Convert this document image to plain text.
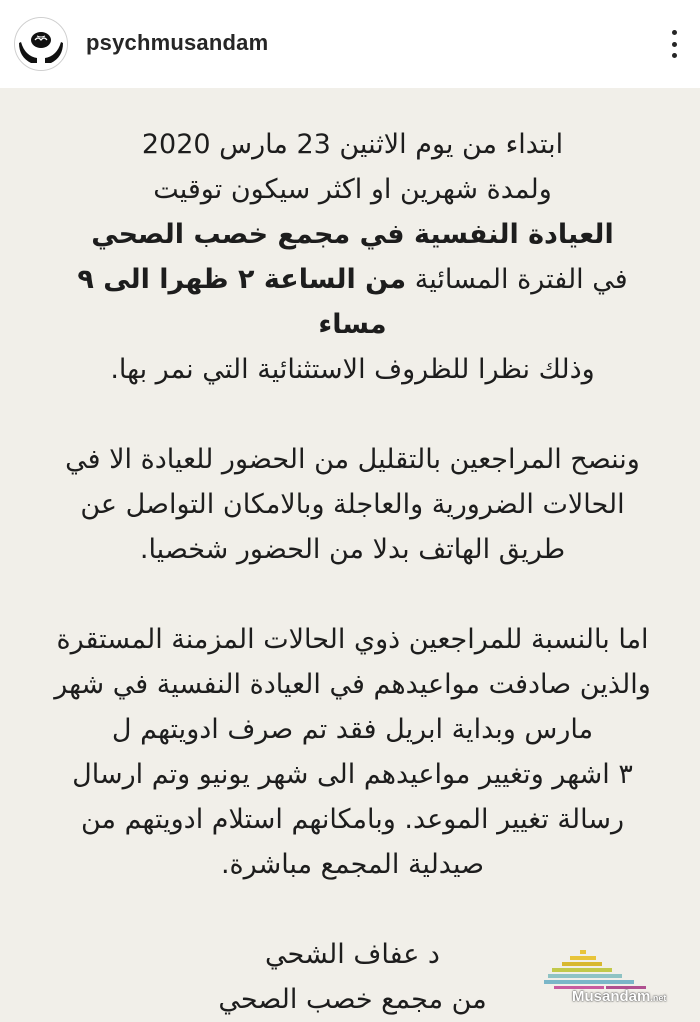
psychmusandam

ابتداء من يوم الاثنين 23 مارس 2020

ولمدة شهرين او اكثر سيكون توقيت

العيادة النفسية في مجمع خصب الصحي

في الفترة المسائية من الساعة ٢ ظهرا الى ٩ مساء

وذلك نظرا للظروف الاستثنائية التي نمر بها.

وننصح المراجعين بالتقليل من الحضور للعيادة الا في

الحالات الضرورية والعاجلة وبالامكان التواصل عن

طريق الهاتف بدلا من الحضور شخصيا.

اما بالنسبة للمراجعين ذوي الحالات المزمنة المستقرة

والذين صادفت مواعيدهم في العيادة النفسية في شهر

مارس وبداية ابريل فقد تم صرف ادويتهم ل

٣ اشهر وتغيير مواعيدهم الى شهر يونيو وتم ارسال

رسالة تغيير الموعد. وبامكانهم استلام ادويتهم من

صيدلية المجمع مباشرة.

د عفاف الشحي

من مجمع خصب الصحي	Musandam.net
